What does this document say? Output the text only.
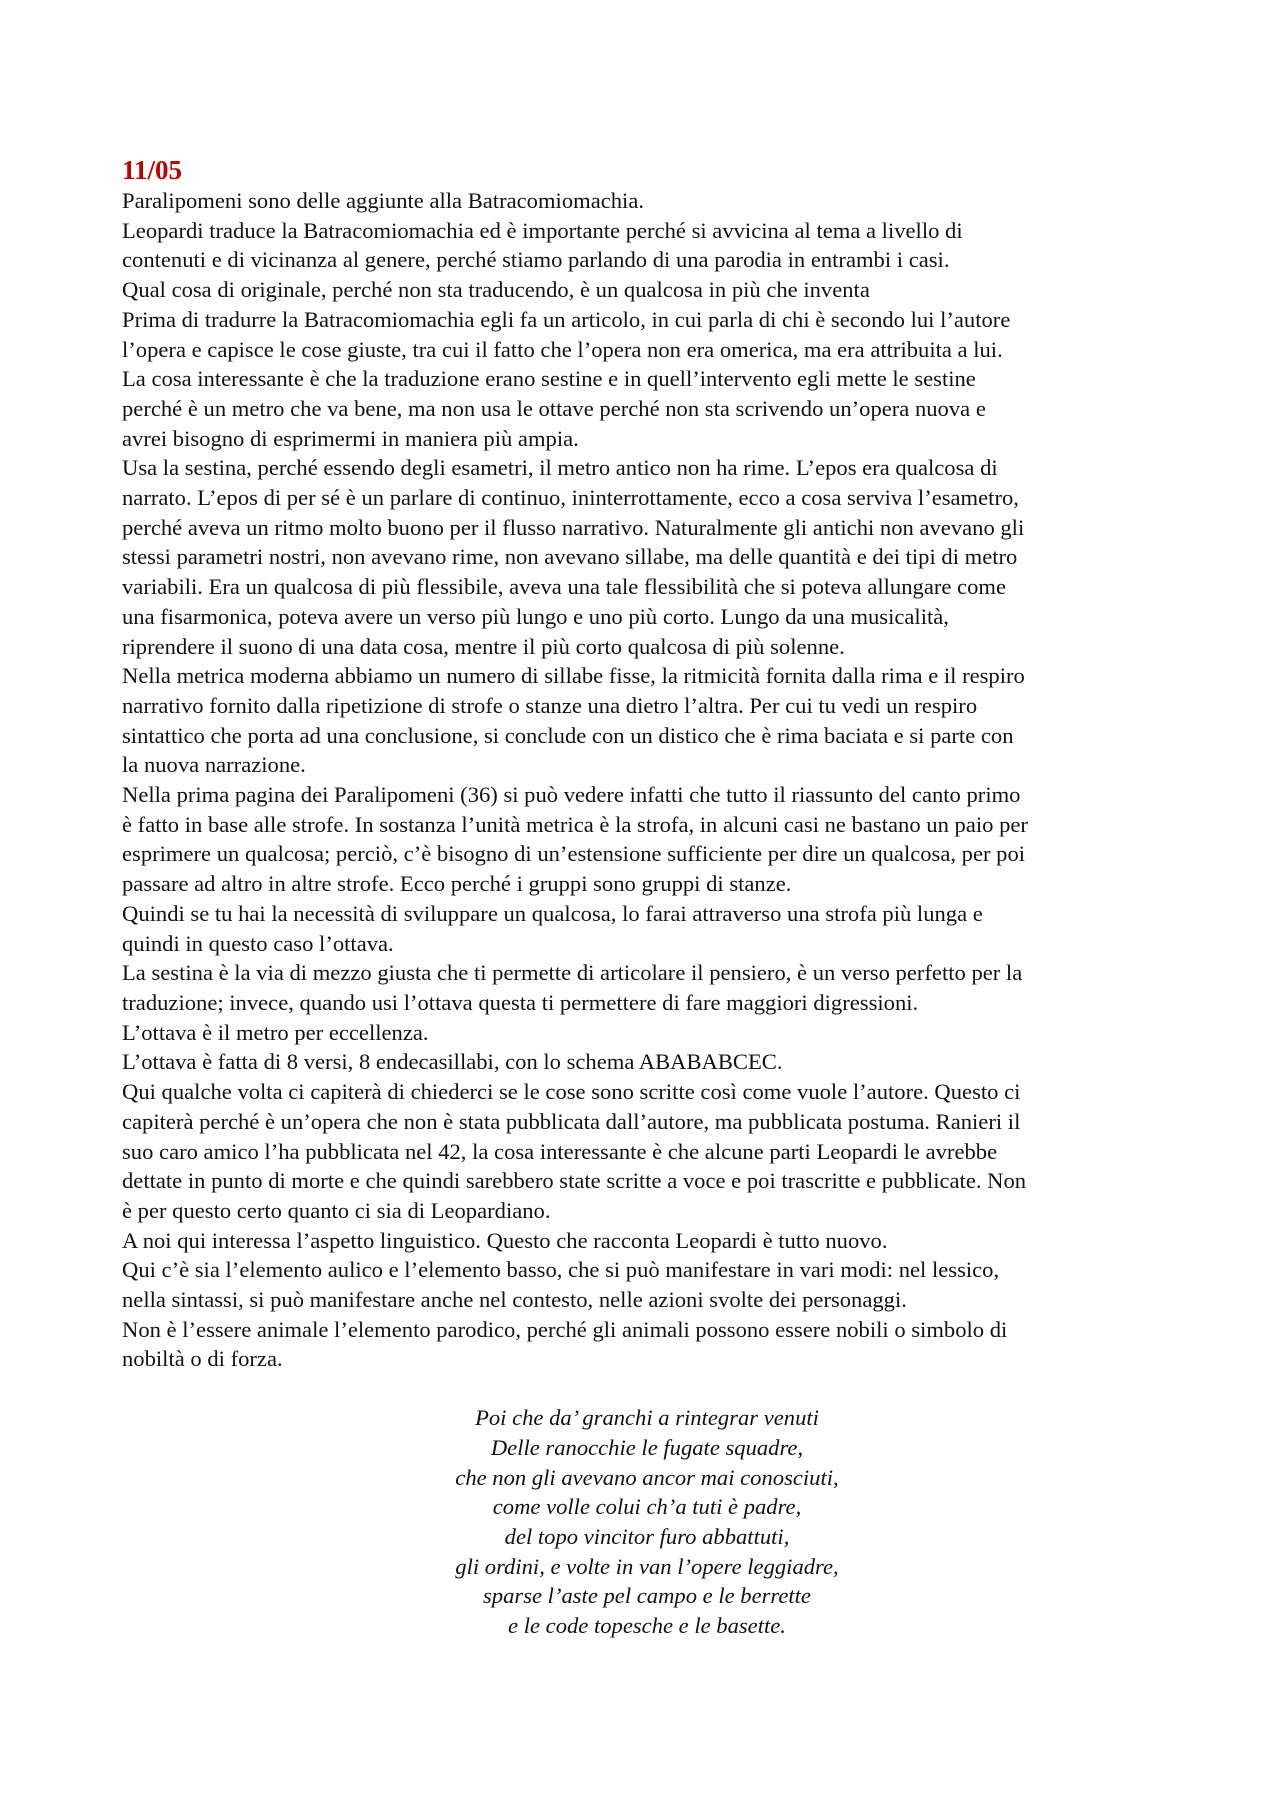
11/05
Paralipomeni sono delle aggiunte alla Batracomiomachia.
Leopardi traduce la Batracomiomachia ed è importante perché si avvicina al tema a livello di
contenuti e di vicinanza al genere, perché stiamo parlando di una parodia in entrambi i casi.
Qual cosa di originale, perché non sta traducendo, è un qualcosa in più che inventa
Prima di tradurre la Batracomiomachia egli fa un articolo, in cui parla di chi è secondo lui l’autore
l’opera e capisce le cose giuste, tra cui il fatto che l’opera non era omerica, ma era attribuita a lui.
La cosa interessante è che la traduzione erano sestine e in quell’intervento egli mette le sestine
perché è un metro che va bene, ma non usa le ottave perché non sta scrivendo un’opera nuova e
avrei bisogno di esprimermi in maniera più ampia.
Usa la sestina, perché essendo degli esametri, il metro antico non ha rime. L’epos era qualcosa di
narrato. L’epos di per sé è un parlare di continuo, ininterrottamente, ecco a cosa serviva l’esametro,
perché aveva un ritmo molto buono per il flusso narrativo. Naturalmente gli antichi non avevano gli
stessi parametri nostri, non avevano rime, non avevano sillabe, ma delle quantità e dei tipi di metro
variabili. Era un qualcosa di più flessibile, aveva una tale flessibilità che si poteva allungare come
una fisarmonica, poteva avere un verso più lungo e uno più corto. Lungo da una musicalità,
riprendere il suono di una data cosa, mentre il più corto qualcosa di più solenne.
Nella metrica moderna abbiamo un numero di sillabe fisse, la ritmicità fornita dalla rima e il respiro
narrativo fornito dalla ripetizione di strofe o stanze una dietro l’altra. Per cui tu vedi un respiro
sintattico che porta ad una conclusione, si conclude con un distico che è rima baciata e si parte con
la nuova narrazione.
Nella prima pagina dei Paralipomeni (36) si può vedere infatti che tutto il riassunto del canto primo
è fatto in base alle strofe. In sostanza l’unità metrica è la strofa, in alcuni casi ne bastano un paio per
esprimere un qualcosa; perciò, c’è bisogno di un’estensione sufficiente per dire un qualcosa, per poi
passare ad altro in altre strofe. Ecco perché i gruppi sono gruppi di stanze.
Quindi se tu hai la necessità di sviluppare un qualcosa, lo farai attraverso una strofa più lunga e
quindi in questo caso l’ottava.
La sestina è la via di mezzo giusta che ti permette di articolare il pensiero, è un verso perfetto per la
traduzione; invece, quando usi l’ottava questa ti permettere di fare maggiori digressioni.
L’ottava è il metro per eccellenza.
L’ottava è fatta di 8 versi, 8 endecasillabi, con lo schema ABABABCEC.
Qui qualche volta ci capiterà di chiederci se le cose sono scritte così come vuole l’autore. Questo ci
capiterà perché è un’opera che non è stata pubblicata dall’autore, ma pubblicata postuma. Ranieri il
suo caro amico l’ha pubblicata nel 42, la cosa interessante è che alcune parti Leopardi le avrebbe
dettate in punto di morte e che quindi sarebbero state scritte a voce e poi trascritte e pubblicate. Non
è per questo certo quanto ci sia di Leopardiano.
A noi qui interessa l’aspetto linguistico. Questo che racconta Leopardi è tutto nuovo.
Qui c’è sia l’elemento aulico e l’elemento basso, che si può manifestare in vari modi: nel lessico,
nella sintassi, si può manifestare anche nel contesto, nelle azioni svolte dei personaggi.
Non è l’essere animale l’elemento parodico, perché gli animali possono essere nobili o simbolo di
nobiltà o di forza.
Poi che da’ granchi a rintegrar venuti
Delle ranocchie le fugate squadre,
che non gli avevano ancor mai conosciuti,
come volle colui ch’a tuti è padre,
del topo vincitor furo abbattuti,
gli ordini, e volte in van l’opere leggiadre,
sparse l’aste pel campo e le berrette
e le code topesche e le basette.
